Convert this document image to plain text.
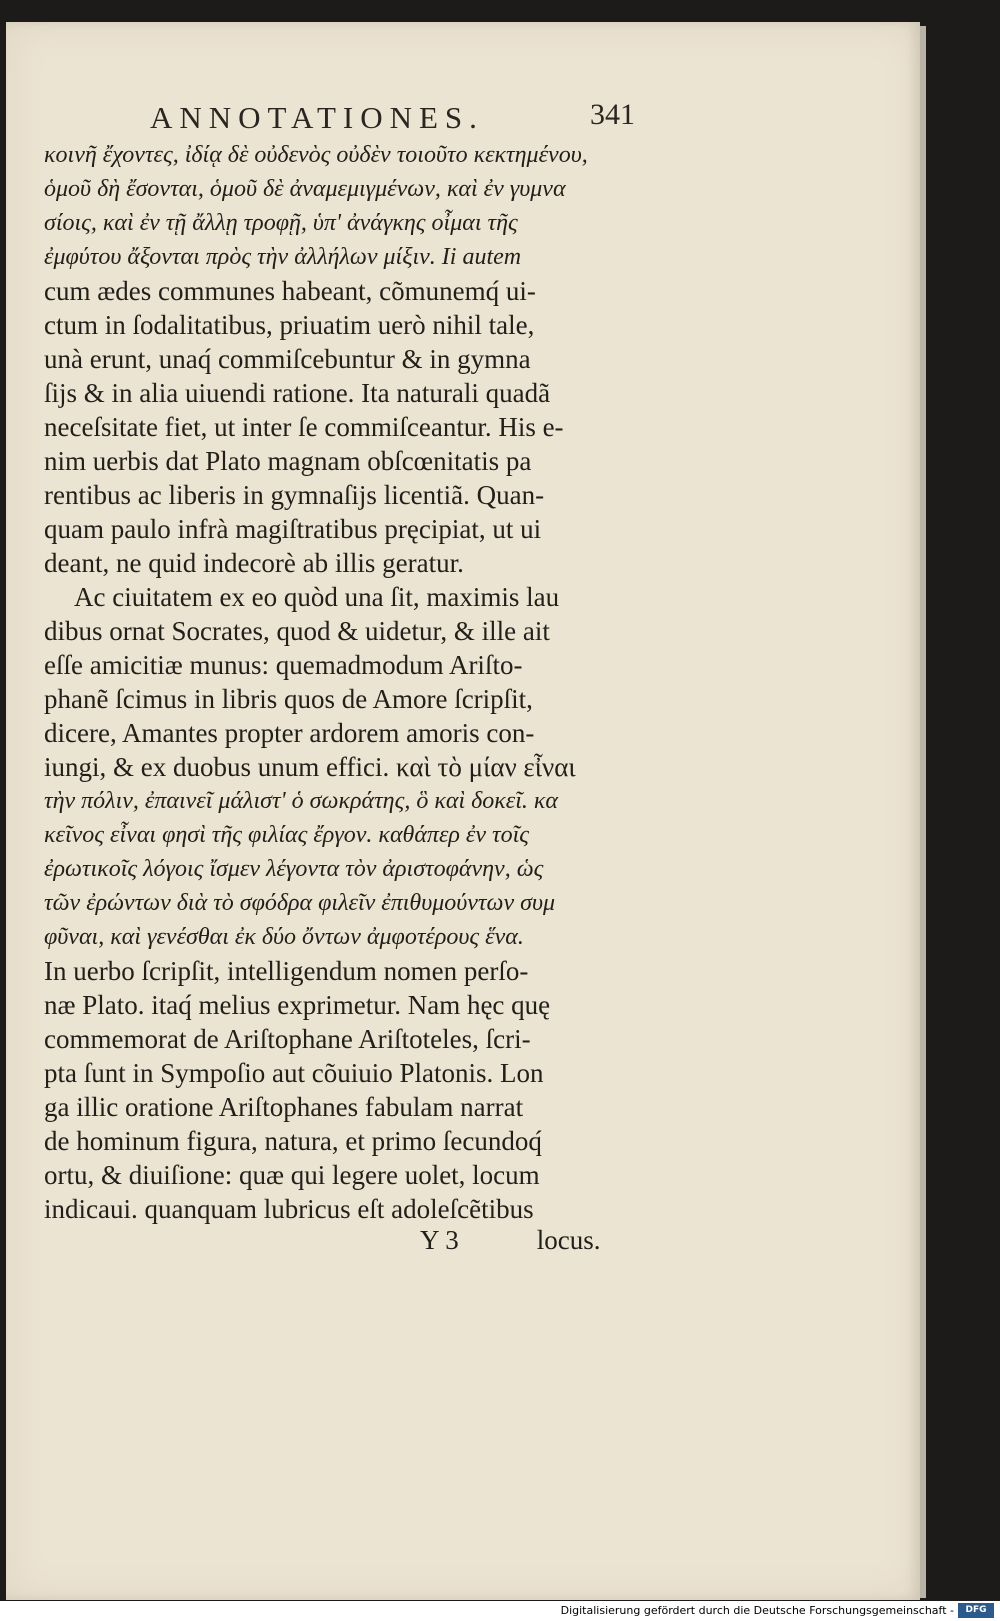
ANNOTATIONES.	341
κοινῆ ἔχοντες, ἰδίᾳ δὲ οὐδενὸς οὐδὲν τοιοῦτο κεκτημένου,
ὁμοῦ δὴ ἔσονται, ὁμοῦ δὲ ἀναμεμιγμένων, καὶ ἐν γυμνα
σίοις, καὶ ἐν τῇ ἄλλῃ τροφῇ, ὑπ' ἀνάγκης οἶμαι τῆς
ἐμφύτου ἄξονται πρὸς τὴν ἀλλήλων μίξιν. Ii autem
cum ædes communes habeant, cõmunemq́ ui-
ctum in ſodalitatibus, priuatim uerò nihil tale,
unà erunt, unaq́ commiſcebuntur & in gymna
ſijs & in alia uiuendi ratione. Ita naturali quadã
neceſsitate fiet, ut inter ſe commiſceantur. His e-
nim uerbis dat Plato magnam obſcœnitatis pa
rentibus ac liberis in gymnaſijs licentiã. Quan-
quam paulo infrà magiſtratibus pręcipiat, ut ui
deant, ne quid indecorè ab illis geratur.
Ac ciuitatem ex eo quòd una ſit, maximis lau
dibus ornat Socrates, quod & uidetur, & ille ait
eſſe amicitiæ munus: quemadmodum Ariſto-
phanẽ ſcimus in libris quos de Amore ſcripſit,
dicere, Amantes propter ardorem amoris con-
iungi, & ex duobus unum effici. καὶ τὸ μίαν εἶναι
τὴν πόλιν, ἐπαινεῖ μάλιστ' ὁ σωκράτης, ὃ καὶ δοκεῖ. κα
κεῖνος εἶναι φησὶ τῆς φιλίας ἔργον. καθάπερ ἐν τοῖς
ἐρωτικοῖς λόγοις ἴσμεν λέγοντα τὸν ἀριστοφάνην, ὡς
τῶν ἐρώντων διὰ τὸ σφόδρα φιλεῖν ἐπιθυμούντων συμ
φῦναι, καὶ γενέσθαι ἐκ δύο ὄντων ἀμφοτέρους ἕνα.
In uerbo ſcripſit, intelligendum nomen perſo-
næ Plato. itaq́ melius exprimetur. Nam hęc quę
commemorat de Ariſtophane Ariſtoteles, ſcri-
pta ſunt in Sympoſio aut cõuiuio Platonis. Lon
ga illic oratione Ariſtophanes fabulam narrat
de hominum figura, natura, et primo ſecundoq́
ortu, & diuiſione: quæ qui legere uolet, locum
indicaui. quanquam lubricus eſt adoleſcẽtibus
Y 3	locus.
Digitalisierung gefördert durch die Deutsche Forschungsgemeinschaft -	DFG
